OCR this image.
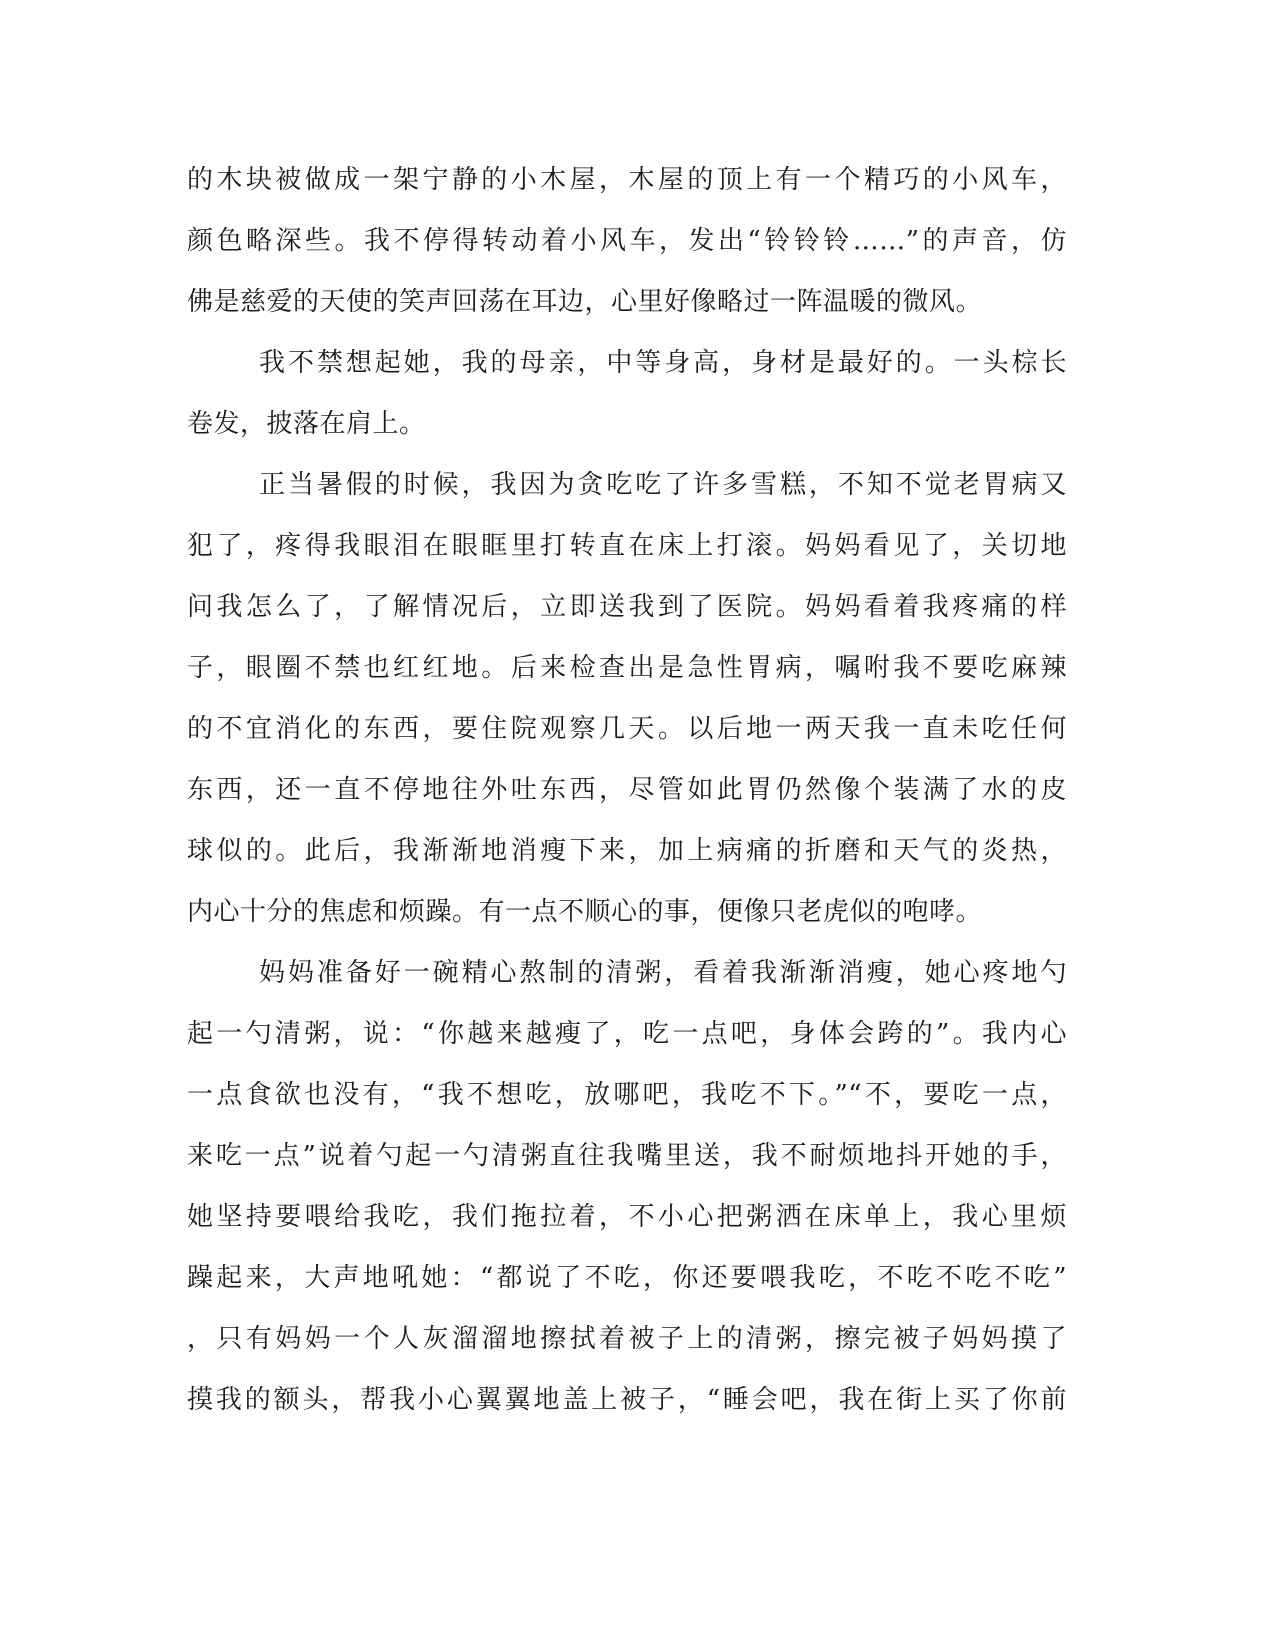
的木块被做成一架宁静的小木屋，木屋的顶上有一个精巧的小风车，
颜色略深些。我不停得转动着小风车，发出“铃铃铃……”的声音，仿
佛是慈爱的天使的笑声回荡在耳边，心里好像略过一阵温暖的微风。
我不禁想起她，我的母亲，中等身高，身材是最好的。一头棕长
卷发，披落在肩上。
正当暑假的时候，我因为贪吃吃了许多雪糕，不知不觉老胃病又
犯了，疼得我眼泪在眼眶里打转直在床上打滚。妈妈看见了，关切地
问我怎么了，了解情况后，立即送我到了医院。妈妈看着我疼痛的样
子，眼圈不禁也红红地。后来检查出是急性胃病，嘱咐我不要吃麻辣
的不宜消化的东西，要住院观察几天。以后地一两天我一直未吃任何
东西，还一直不停地往外吐东西，尽管如此胃仍然像个装满了水的皮
球似的。此后，我渐渐地消瘦下来，加上病痛的折磨和天气的炎热，
内心十分的焦虑和烦躁。有一点不顺心的事，便像只老虎似的咆哮。
妈妈准备好一碗精心熬制的清粥，看着我渐渐消瘦，她心疼地勺
起一勺清粥，说：“你越来越瘦了，吃一点吧，身体会跨的”。我内心
一点食欲也没有，“我不想吃，放哪吧，我吃不下。”“不，要吃一点，
来吃一点”说着勺起一勺清粥直往我嘴里送，我不耐烦地抖开她的手，
她坚持要喂给我吃，我们拖拉着，不小心把粥洒在床单上，我心里烦
躁起来，大声地吼她：“都说了不吃，你还要喂我吃，不吃不吃不吃”
，只有妈妈一个人灰溜溜地擦拭着被子上的清粥，擦完被子妈妈摸了
摸我的额头，帮我小心翼翼地盖上被子，“睡会吧，我在街上买了你前
